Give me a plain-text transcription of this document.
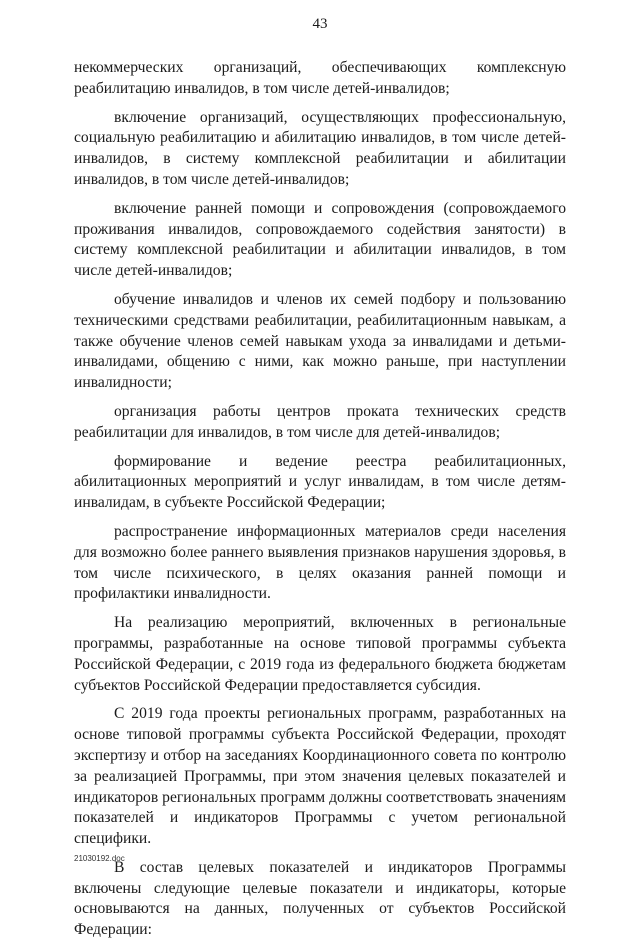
43

некоммерческих организаций, обеспечивающих комплексную реабилитацию инвалидов, в том числе детей-инвалидов;

включение организаций, осуществляющих профессиональную, социальную реабилитацию и абилитацию инвалидов, в том числе детей-инвалидов, в систему комплексной реабилитации и абилитации инвалидов, в том числе детей-инвалидов;

включение ранней помощи и сопровождения (сопровождаемого проживания инвалидов, сопровождаемого содействия занятости) в систему комплексной реабилитации и абилитации инвалидов, в том числе детей-инвалидов;

обучение инвалидов и членов их семей подбору и пользованию техническими средствами реабилитации, реабилитационным навыкам, а также обучение членов семей навыкам ухода за инвалидами и детьми-инвалидами, общению с ними, как можно раньше, при наступлении инвалидности;

организация работы центров проката технических средств реабилитации для инвалидов, в том числе для детей-инвалидов;

формирование и ведение реестра реабилитационных, абилитационных мероприятий и услуг инвалидам, в том числе детям-инвалидам, в субъекте Российской Федерации;

распространение информационных материалов среди населения для возможно более раннего выявления признаков нарушения здоровья, в том числе психического, в целях оказания ранней помощи и профилактики инвалидности.

На реализацию мероприятий, включенных в региональные программы, разработанные на основе типовой программы субъекта Российской Федерации, с 2019 года из федерального бюджета бюджетам субъектов Российской Федерации предоставляется субсидия.

С 2019 года проекты региональных программ, разработанных на основе типовой программы субъекта Российской Федерации, проходят экспертизу и отбор на заседаниях Координационного совета по контролю за реализацией Программы, при этом значения целевых показателей и индикаторов региональных программ должны соответствовать значениям показателей и индикаторов Программы с учетом региональной специфики.

В состав целевых показателей и индикаторов Программы включены следующие целевые показатели и индикаторы, которые основываются на данных, полученных от субъектов Российской Федерации:

21030192.doc
